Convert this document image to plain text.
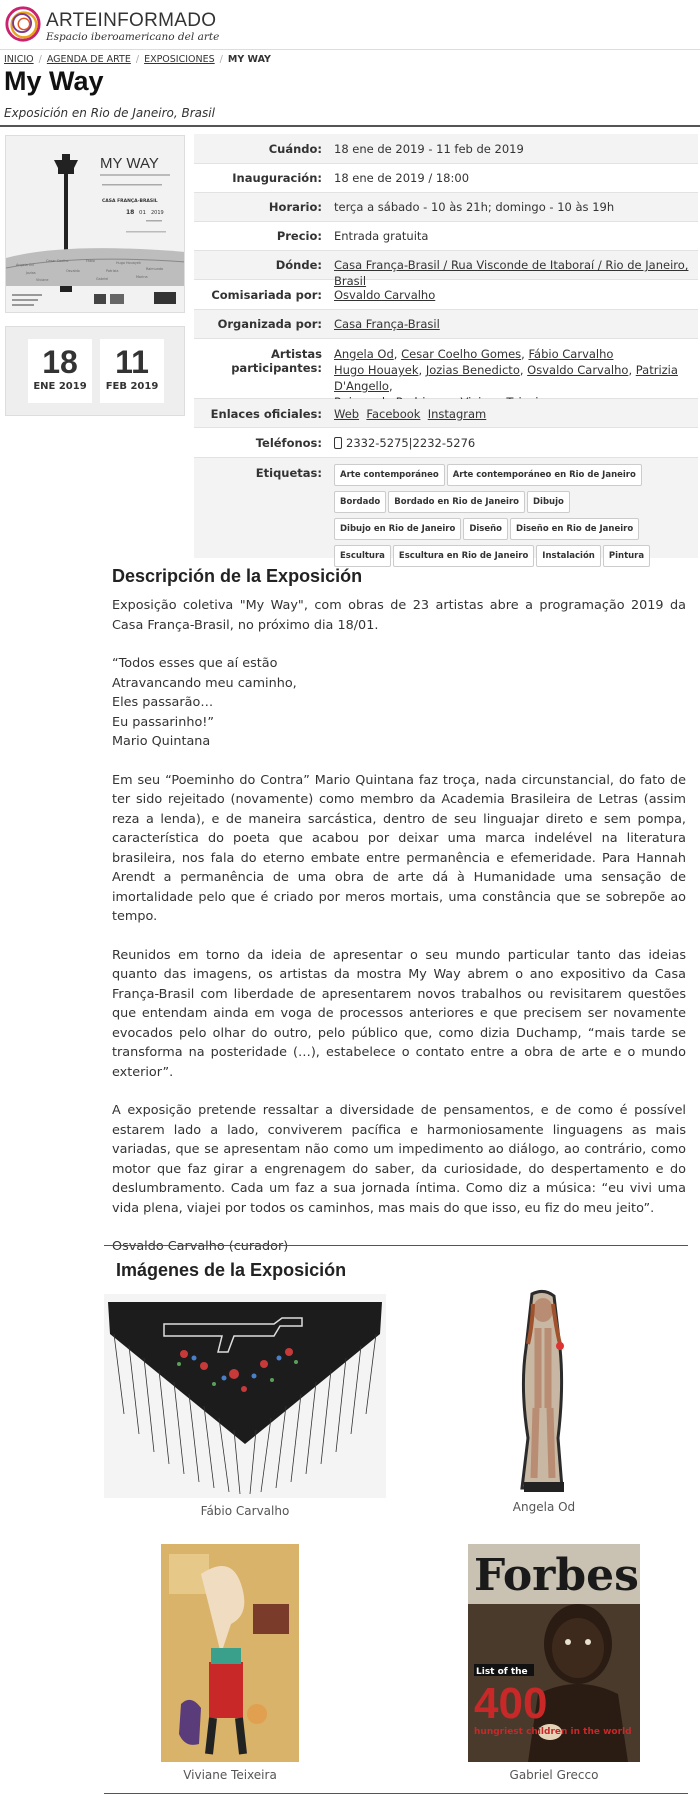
ARTEINFORMADO
Espacio iberoamericano del arte
INICIO / AGENDA DE ARTE / EXPOSICIONES / MY WAY
My Way
Exposición en Rio de Janeiro, Brasil
Angela Od
Cesar Coelho	Fábio	Hugo Houayek
Jozias	Osvaldo	Patrizia	Raimundo
Viviane	Gabriel	Marina
MY WAY
CASA FRANÇA-BRASIL
18 01 2019
18
ENE 2019
11
FEB 2019
Cuándo: 18 ene de 2019 - 11 feb de 2019
Inauguración: 18 ene de 2019 / 18:00
Horario: terça a sábado - 10 às 21h; domingo - 10 às 19h
Precio: Entrada gratuita
Dónde: Casa França-Brasil / Rua Visconde de Itaboraí / Rio de Janeiro, Brasil
Comisariada por: Osvaldo Carvalho
Organizada por: Casa França-Brasil
Artistas participantes:
Angela Od, Cesar Coelho Gomes, Fábio Carvalho
Hugo Houayek, Jozias Benedicto, Osvaldo Carvalho, Patrizia D'Angello,

Enlaces oficiales: Web Facebook Instagram
Teléfonos:	2332-5275|2232-5276
Etiquetas:	Arte contemporáneo Arte contemporáneo en Rio de JaneiroBordado Bordado en Rio de Janeiro DibujoDibujo en Rio de Janeiro Diseño Diseño en Rio de JaneiroEscultura Escultura en Rio de Janeiro Instalación Pintura
Descripción de la Exposición

Exposição coletiva "My Way", com obras de 23 artistas abre a programação 2019 da Casa França-Brasil, no próximo dia 18/01.

“Todos esses que aí estão
Atravancando meu caminho,
Eles passarão…
Eu passarinho!”
Mario Quintana

Em seu “Poeminho do Contra” Mario Quintana faz troça, nada circunstancial, do fato de ter sido rejeitado (novamente) como membro da Academia Brasileira de Letras (assim reza a lenda), e de maneira sarcástica, dentro de seu linguajar direto e sem pompa, característica do poeta que acabou por deixar uma marca indelével na literatura brasileira, nos fala do eterno embate entre permanência e efemeridade. Para Hannah Arendt a permanência de uma obra de arte dá à Humanidade uma sensação de imortalidade pelo que é criado por meros mortais, uma constância que se sobrepõe ao tempo.

Reunidos em torno da ideia de apresentar o seu mundo particular tanto das ideias quanto das imagens, os artistas da mostra My Way abrem o ano expositivo da Casa França-Brasil com liberdade de apresentarem novos trabalhos ou revisitarem questões que entendam ainda em voga de processos anteriores e que precisem ser novamente evocados pelo olhar do outro, pelo público que, como dizia Duchamp, “mais tarde se transforma na posteridade (…), estabelece o contato entre a obra de arte e o mundo exterior”.

A exposição pretende ressaltar a diversidade de pensamentos, e de como é possível estarem lado a lado, conviverem pacífica e harmoniosamente linguagens as mais variadas, que se apresentam não como um impedimento ao diálogo, ao contrário, como motor que faz girar a engrenagem do saber, da curiosidade, do despertamento e do deslumbramento. Cada um faz a sua jornada íntima. Como diz a música: “eu vivi uma vida plena, viajei por todos os caminhos, mas mais do que isso, eu fiz do meu jeito”.

Osvaldo Carvalho (curador)

Imágenes de la Exposición
Fábio Carvalho	Angela Od
Viviane Teixeira
Forbes
List of the
400
hungriest children in the world
Gabriel Grecco
